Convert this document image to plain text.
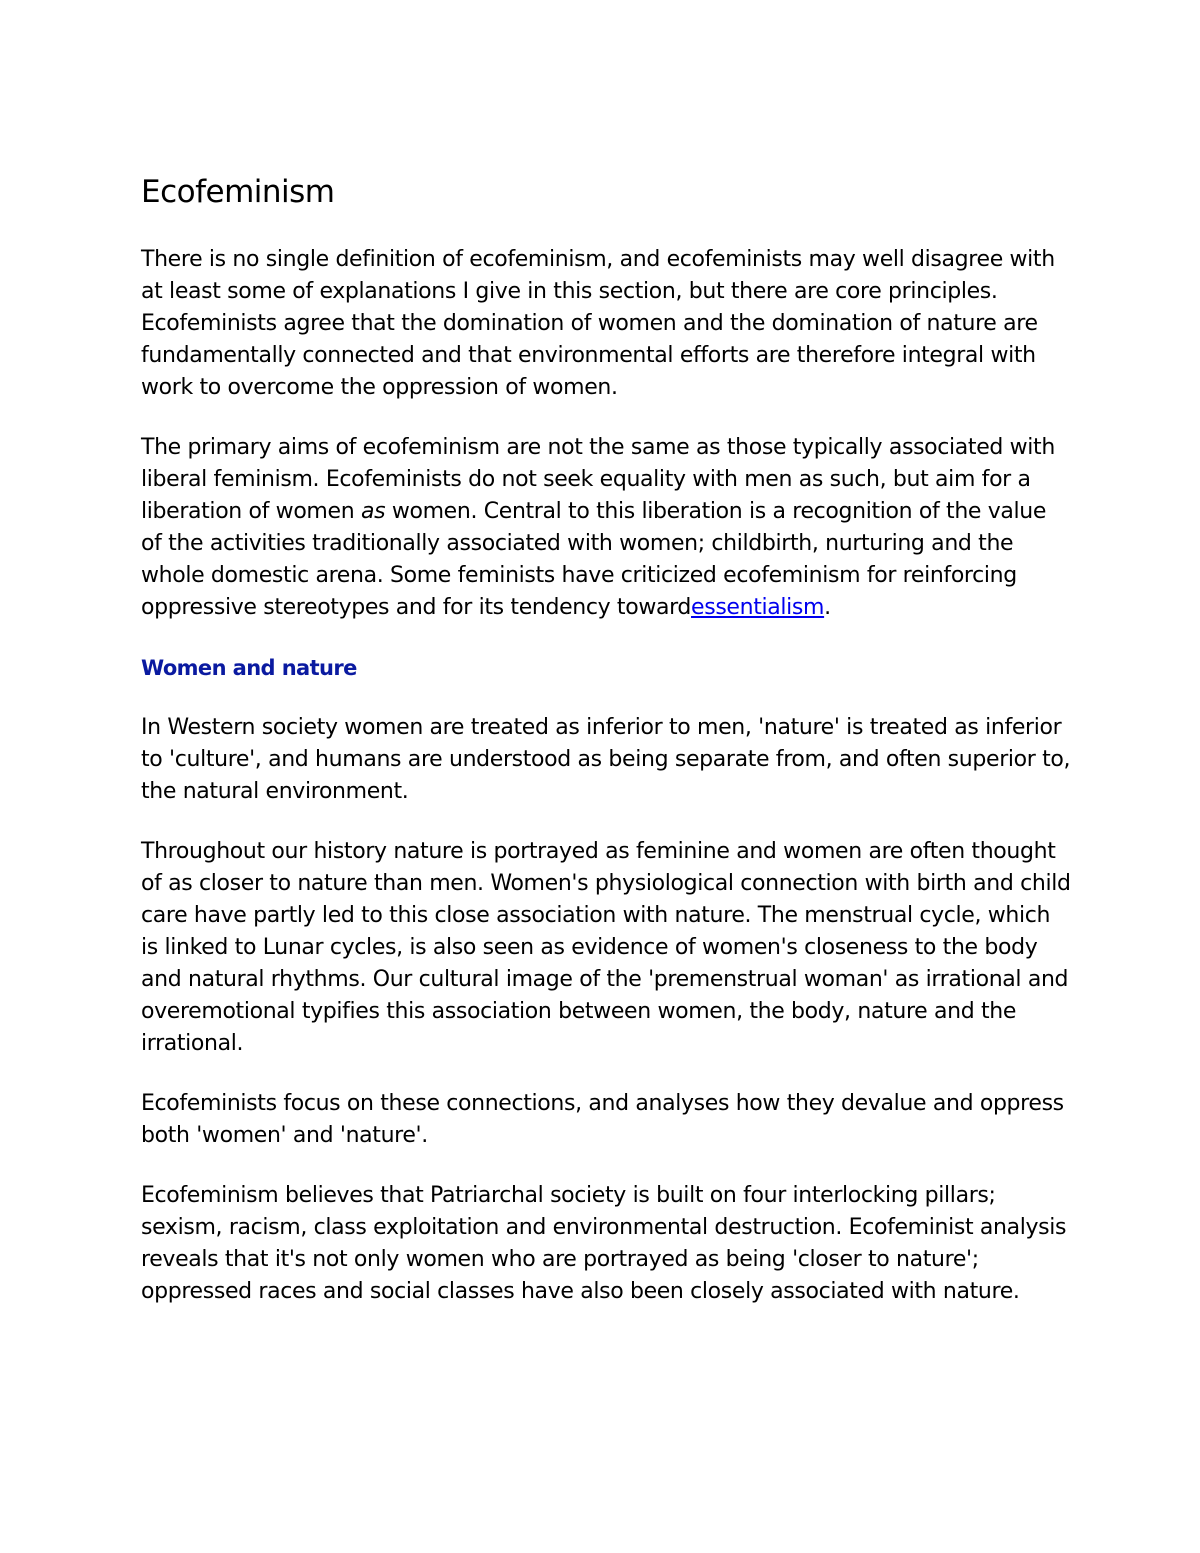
Ecofeminism

There is no single definition of ecofeminism, and ecofeminists may well disagree with at least some of explanations I give in this section, but there are core principles. Ecofeminists agree that the domination of women and the domination of nature are fundamentally connected and that environmental efforts are therefore integral with work to overcome the oppression of women.

The primary aims of ecofeminism are not the same as those typically associated with liberal feminism. Ecofeminists do not seek equality with men as such, but aim for a liberation of women as women. Central to this liberation is a recognition of the value of the activities traditionally associated with women; childbirth, nurturing and the whole domestic arena. Some feminists have criticized ecofeminism for reinforcing oppressive stereotypes and for its tendency towardessentialism.

Women and nature

In Western society women are treated as inferior to men, 'nature' is treated as inferior to 'culture', and humans are understood as being separate from, and often superior to, the natural environment.

Throughout our history nature is portrayed as feminine and women are often thought of as closer to nature than men. Women's physiological connection with birth and child care have partly led to this close association with nature. The menstrual cycle, which is linked to Lunar cycles, is also seen as evidence of women's closeness to the body and natural rhythms. Our cultural image of the 'premenstrual woman' as irrational and overemotional typifies this association between women, the body, nature and the irrational.

Ecofeminists focus on these connections, and analyses how they devalue and oppress both 'women' and 'nature'.

Ecofeminism believes that Patriarchal society is built on four interlocking pillars; sexism, racism, class exploitation and environmental destruction. Ecofeminist analysis reveals that it's not only women who are portrayed as being 'closer to nature'; oppressed races and social classes have also been closely associated with nature.
